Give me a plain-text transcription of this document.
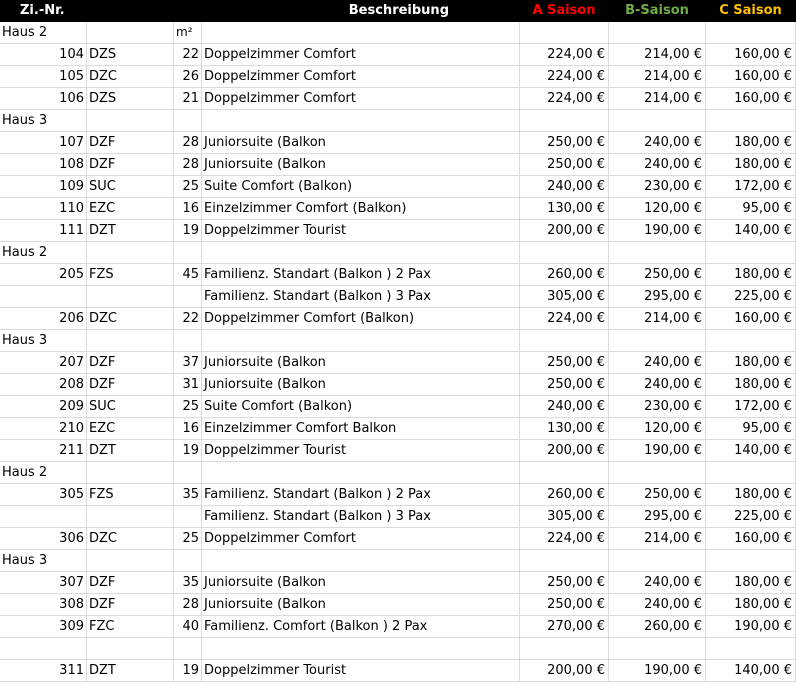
Zi.-Nr.	Beschreibung	A Saison	B-Saison	C Saison
Haus 2	m²
104 DZS	22 Doppelzimmer Comfort	224,00 €	214,00 €	160,00 €
105 DZC	26 Doppelzimmer Comfort	224,00 €	214,00 €	160,00 €
106 DZS	21 Doppelzimmer Comfort	224,00 €	214,00 €	160,00 €
Haus 3
107 DZF	28 Juniorsuite (Balkon	250,00 €	240,00 €	180,00 €
108 DZF	28 Juniorsuite (Balkon	250,00 €	240,00 €	180,00 €
109 SUC	25 Suite Comfort (Balkon)	240,00 €	230,00 €	172,00 €
110 EZC	16 Einzelzimmer Comfort (Balkon)	130,00 €	120,00 €	95,00 €
111 DZT	19 Doppelzimmer Tourist	200,00 €	190,00 €	140,00 €
Haus 2
205 FZS	45 Familienz. Standart (Balkon ) 2 Pax	260,00 €	250,00 €	180,00 €
Familienz. Standart (Balkon ) 3 Pax	305,00 €	295,00 €	225,00 €
206 DZC	22 Doppelzimmer Comfort (Balkon)	224,00 €	214,00 €	160,00 €
Haus 3
207 DZF	37 Juniorsuite (Balkon	250,00 €	240,00 €	180,00 €
208 DZF	31 Juniorsuite (Balkon	250,00 €	240,00 €	180,00 €
209 SUC	25 Suite Comfort (Balkon)	240,00 €	230,00 €	172,00 €
210 EZC	16 Einzelzimmer Comfort Balkon	130,00 €	120,00 €	95,00 €
211 DZT	19 Doppelzimmer Tourist	200,00 €	190,00 €	140,00 €
Haus 2
305 FZS	35 Familienz. Standart (Balkon ) 2 Pax	260,00 €	250,00 €	180,00 €
Familienz. Standart (Balkon ) 3 Pax	305,00 €	295,00 €	225,00 €
306 DZC	25 Doppelzimmer Comfort	224,00 €	214,00 €	160,00 €
Haus 3
307 DZF	35 Juniorsuite (Balkon	250,00 €	240,00 €	180,00 €
308 DZF	28 Juniorsuite (Balkon	250,00 €	240,00 €	180,00 €
309 FZC	40 Familienz. Comfort (Balkon ) 2 Pax	270,00 €	260,00 €	190,00 €
311 DZT	19 Doppelzimmer Tourist	200,00 €	190,00 €	140,00 €
